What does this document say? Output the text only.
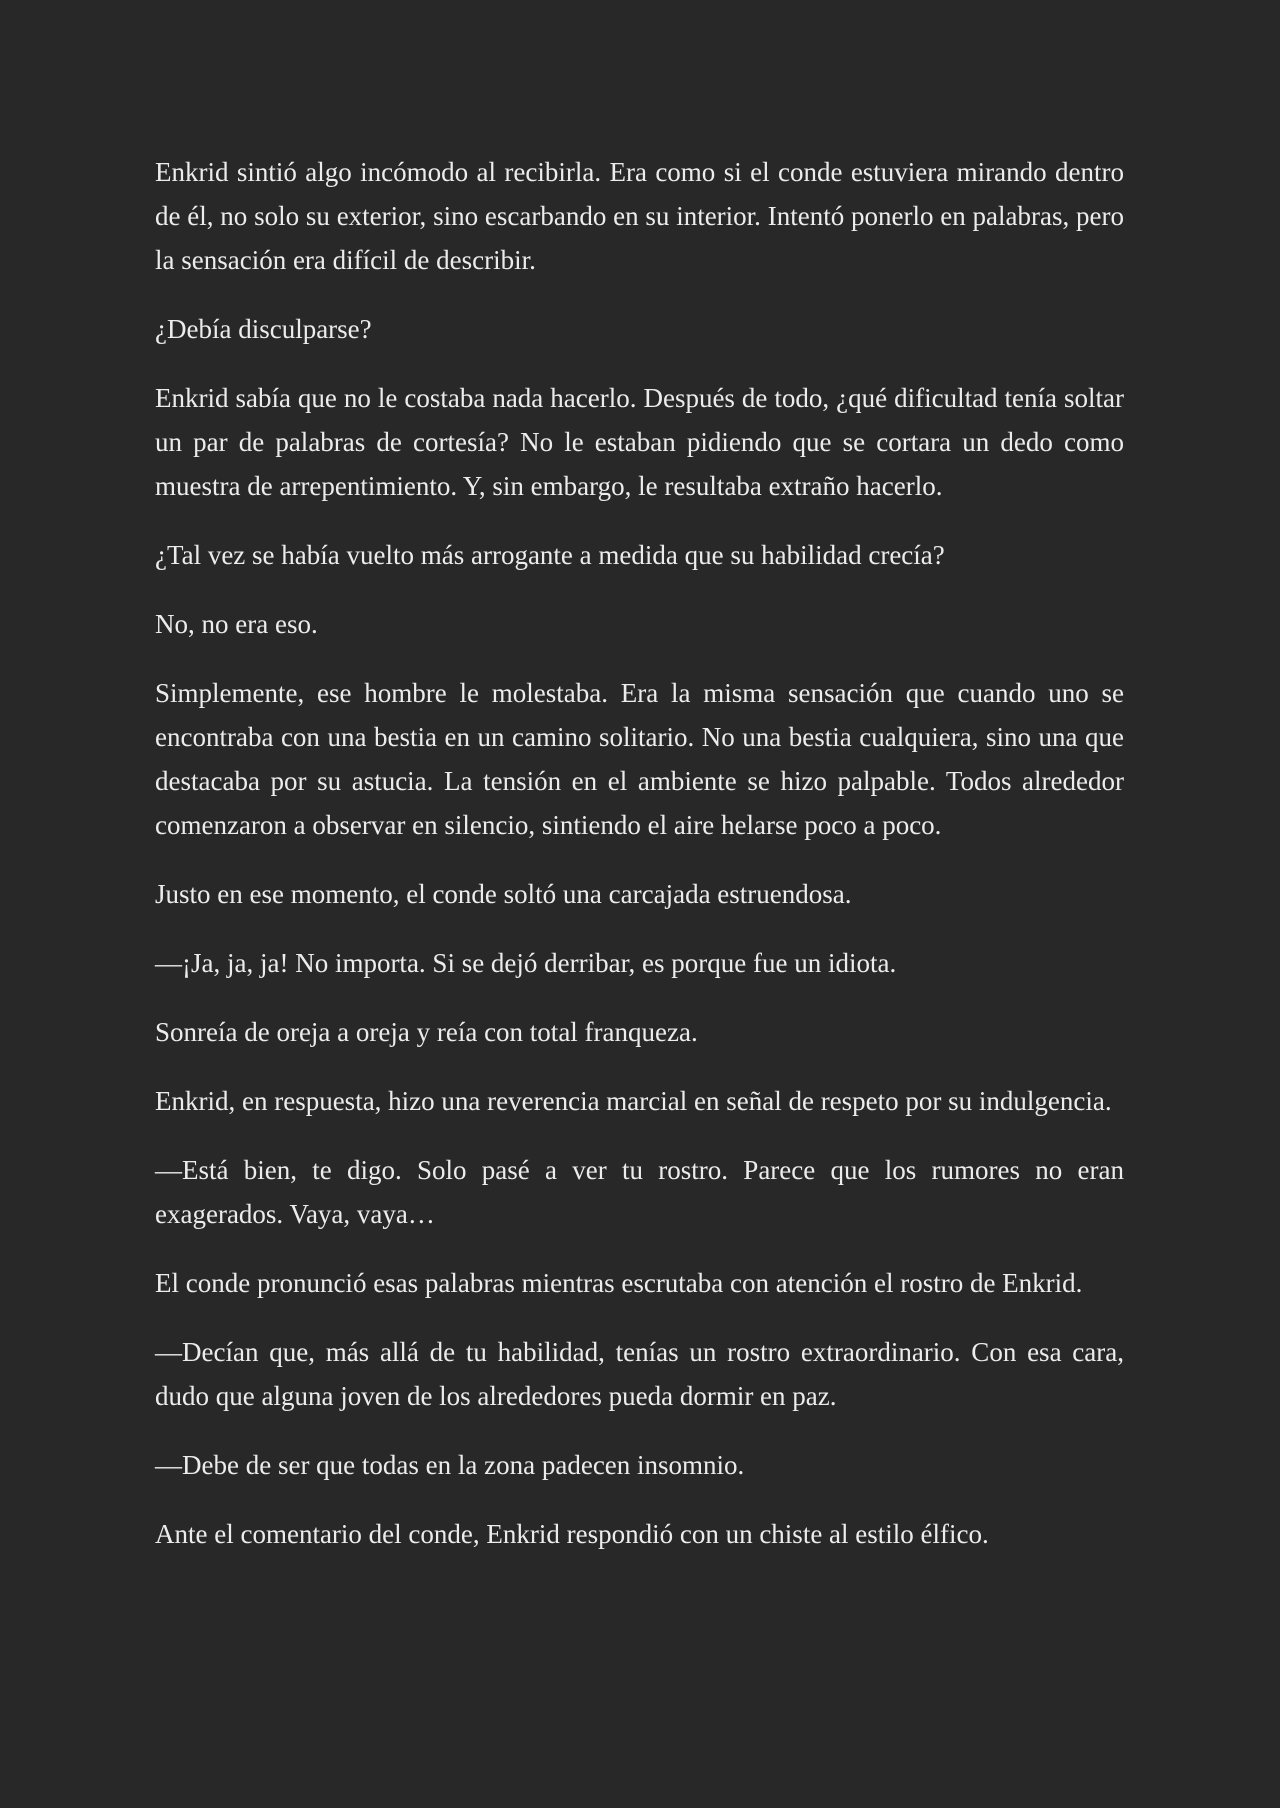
Enkrid sintió algo incómodo al recibirla. Era como si el conde estuviera mirando dentro de él, no solo su exterior, sino escarbando en su interior. Intentó ponerlo en palabras, pero la sensación era difícil de describir.

¿Debía disculparse?

Enkrid sabía que no le costaba nada hacerlo. Después de todo, ¿qué dificultad tenía soltar un par de palabras de cortesía? No le estaban pidiendo que se cortara un dedo como muestra de arrepentimiento. Y, sin embargo, le resultaba extraño hacerlo.

¿Tal vez se había vuelto más arrogante a medida que su habilidad crecía?

No, no era eso.

Simplemente, ese hombre le molestaba. Era la misma sensación que cuando uno se encontraba con una bestia en un camino solitario. No una bestia cualquiera, sino una que destacaba por su astucia. La tensión en el ambiente se hizo palpable. Todos alrededor comenzaron a observar en silencio, sintiendo el aire helarse poco a poco.

Justo en ese momento, el conde soltó una carcajada estruendosa.

—¡Ja, ja, ja! No importa. Si se dejó derribar, es porque fue un idiota.

Sonreía de oreja a oreja y reía con total franqueza.

Enkrid, en respuesta, hizo una reverencia marcial en señal de respeto por su indulgencia.

—Está bien, te digo. Solo pasé a ver tu rostro. Parece que los rumores no eran exagerados. Vaya, vaya…

El conde pronunció esas palabras mientras escrutaba con atención el rostro de Enkrid.

—Decían que, más allá de tu habilidad, tenías un rostro extraordinario. Con esa cara, dudo que alguna joven de los alrededores pueda dormir en paz.

—Debe de ser que todas en la zona padecen insomnio.

Ante el comentario del conde, Enkrid respondió con un chiste al estilo élfico.
